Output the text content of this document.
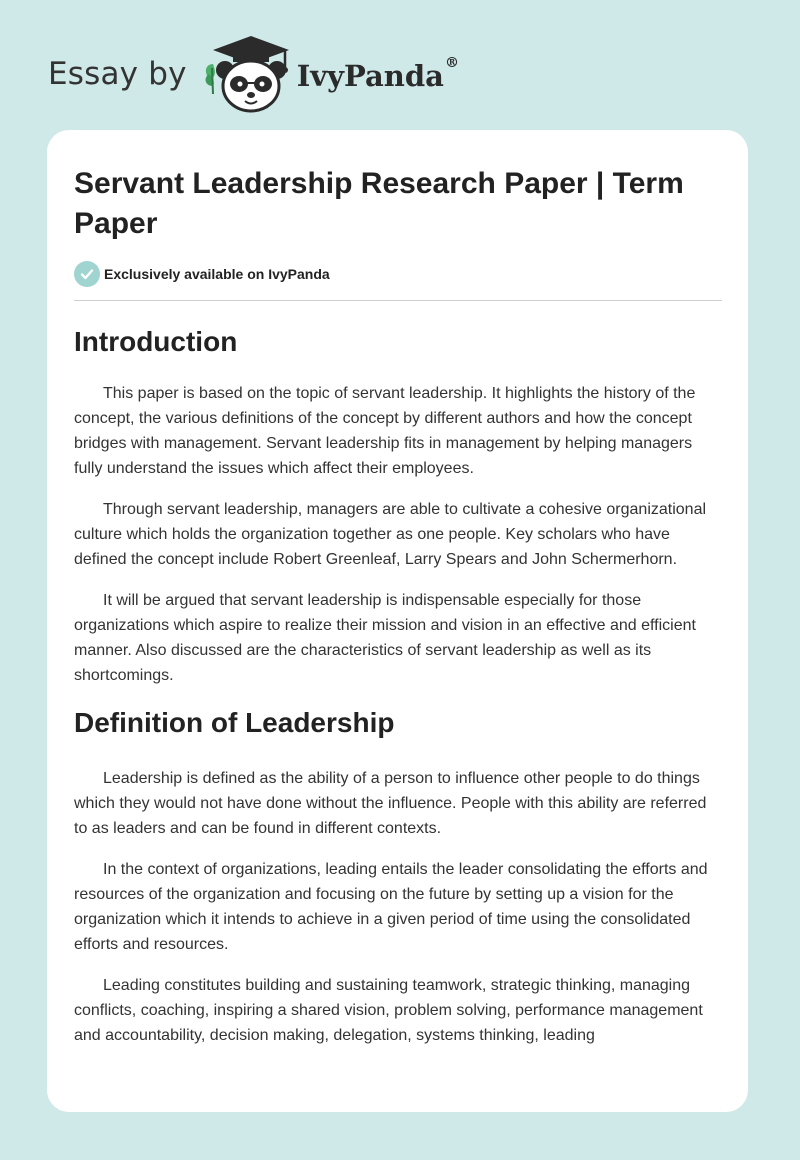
Essay by	IvyPanda®
Servant Leadership Research Paper | Term Paper
Exclusively available on IvyPanda
Introduction

This paper is based on the topic of servant leadership. It highlights the history of the concept, the various definitions of the concept by different authors and how the concept bridges with management. Servant leadership fits in management by helping managers fully understand the issues which affect their employees.

Through servant leadership, managers are able to cultivate a cohesive organizational culture which holds the organization together as one people. Key scholars who have defined the concept include Robert Greenleaf, Larry Spears and John Schermerhorn.

It will be argued that servant leadership is indispensable especially for those organizations which aspire to realize their mission and vision in an effective and efficient manner. Also discussed are the characteristics of servant leadership as well as its shortcomings.

Definition of Leadership

Leadership is defined as the ability of a person to influence other people to do things which they would not have done without the influence. People with this ability are referred to as leaders and can be found in different contexts.

In the context of organizations, leading entails the leader consolidating the efforts and resources of the organization and focusing on the future by setting up a vision for the organization which it intends to achieve in a given period of time using the consolidated efforts and resources.

Leading constitutes building and sustaining teamwork, strategic thinking, managing conflicts, coaching, inspiring a shared vision, problem solving, performance management and accountability, decision making, delegation, systems thinking, leading
